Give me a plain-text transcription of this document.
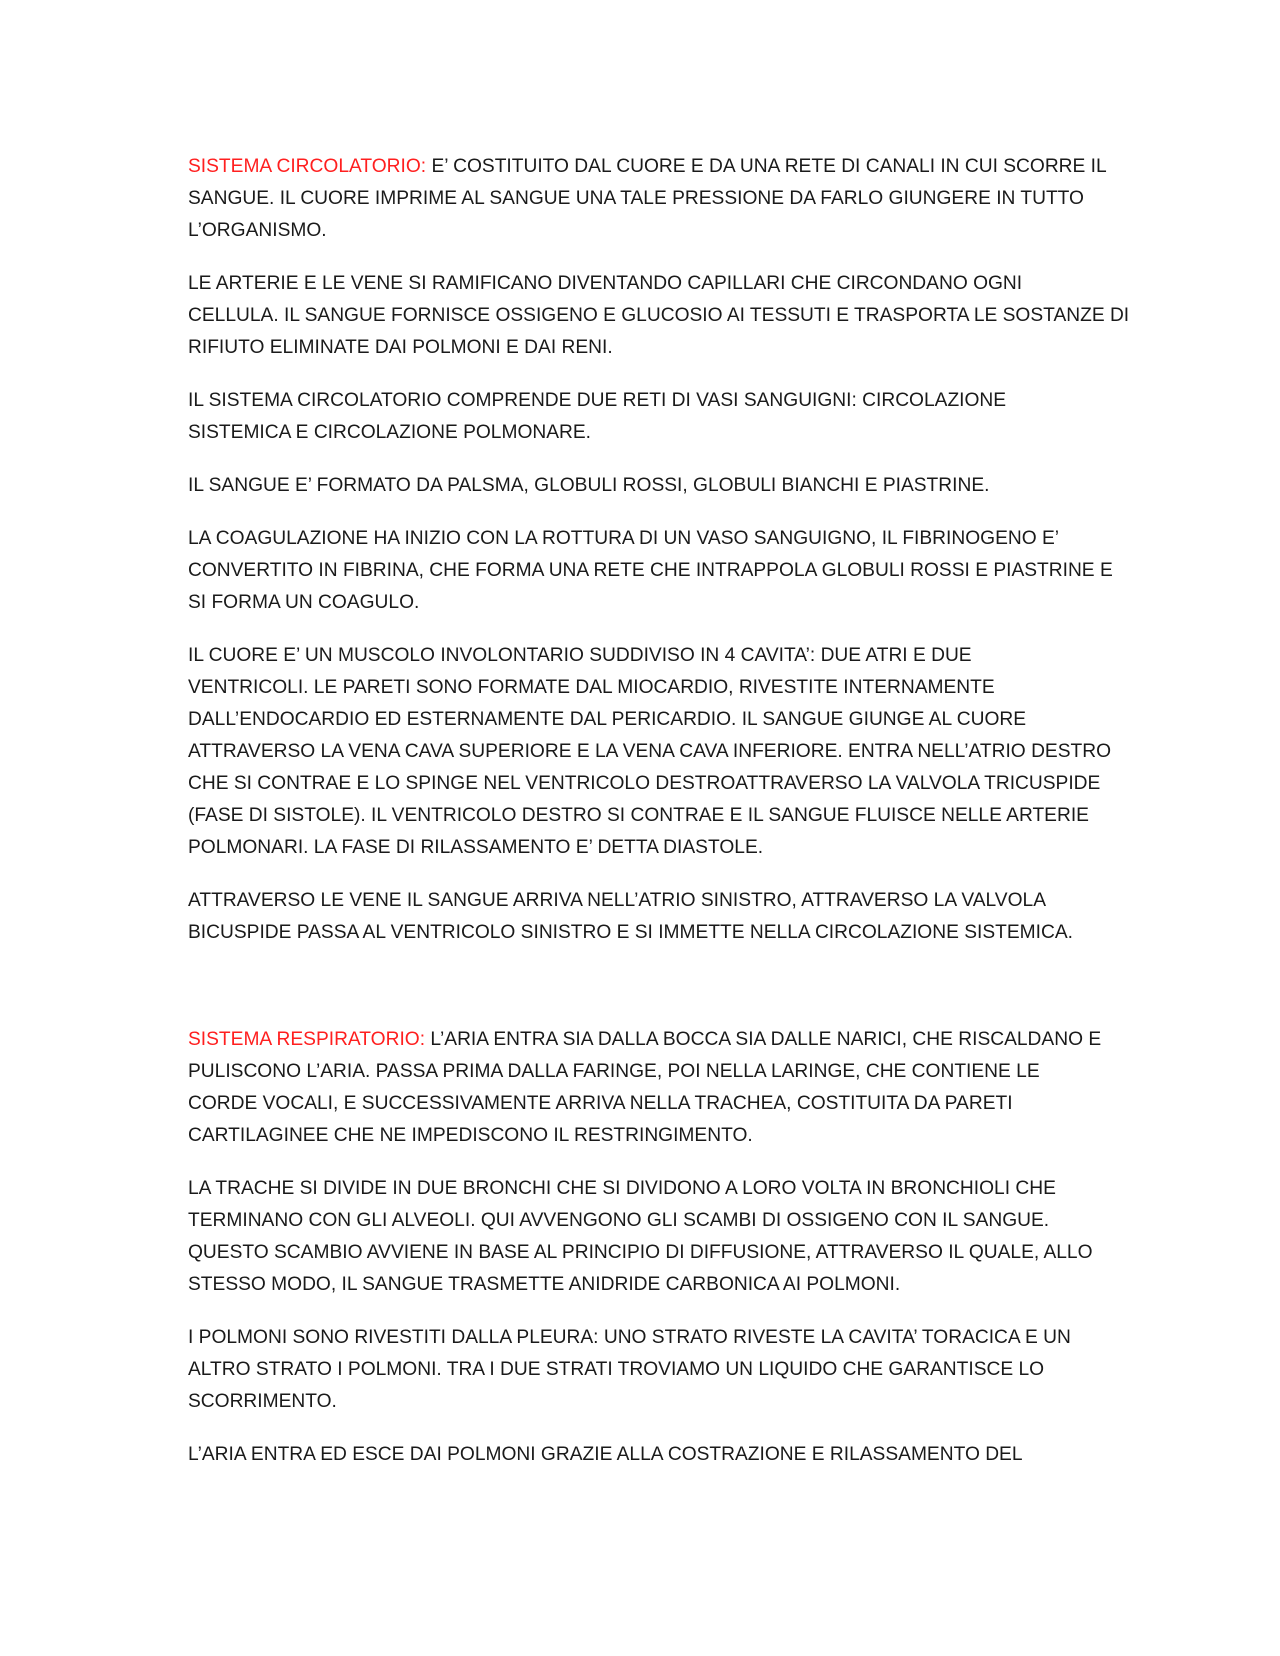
SISTEMA CIRCOLATORIO: E’ COSTITUITO DAL CUORE E DA UNA RETE DI CANALI IN CUI SCORRE IL
SANGUE. IL CUORE IMPRIME AL SANGUE UNA TALE PRESSIONE DA FARLO GIUNGERE IN TUTTO
L’ORGANISMO.

LE ARTERIE E LE VENE SI RAMIFICANO DIVENTANDO CAPILLARI CHE CIRCONDANO OGNI
CELLULA. IL SANGUE FORNISCE OSSIGENO E GLUCOSIO AI TESSUTI E TRASPORTA LE SOSTANZE DI
RIFIUTO ELIMINATE DAI POLMONI E DAI RENI.

IL SISTEMA CIRCOLATORIO COMPRENDE DUE RETI DI VASI SANGUIGNI: CIRCOLAZIONE
SISTEMICA E CIRCOLAZIONE POLMONARE.

IL SANGUE E’ FORMATO DA PALSMA, GLOBULI ROSSI, GLOBULI BIANCHI E PIASTRINE.

LA COAGULAZIONE HA INIZIO CON LA ROTTURA DI UN VASO SANGUIGNO, IL FIBRINOGENO E’
CONVERTITO IN FIBRINA, CHE FORMA UNA RETE CHE INTRAPPOLA GLOBULI ROSSI E PIASTRINE E
SI FORMA UN COAGULO.

IL CUORE E’ UN MUSCOLO INVOLONTARIO SUDDIVISO IN 4 CAVITA’: DUE ATRI E DUE
VENTRICOLI. LE PARETI SONO FORMATE DAL MIOCARDIO, RIVESTITE INTERNAMENTE
DALL’ENDOCARDIO ED ESTERNAMENTE DAL PERICARDIO. IL SANGUE GIUNGE AL CUORE
ATTRAVERSO LA VENA CAVA SUPERIORE E LA VENA CAVA INFERIORE. ENTRA NELL’ATRIO DESTRO
CHE SI CONTRAE E LO SPINGE NEL VENTRICOLO DESTROATTRAVERSO LA VALVOLA TRICUSPIDE
(FASE DI SISTOLE). IL VENTRICOLO DESTRO SI CONTRAE E IL SANGUE FLUISCE NELLE ARTERIE
POLMONARI. LA FASE DI RILASSAMENTO E’ DETTA DIASTOLE.

ATTRAVERSO LE VENE IL SANGUE ARRIVA NELL’ATRIO SINISTRO, ATTRAVERSO LA VALVOLA
BICUSPIDE PASSA AL VENTRICOLO SINISTRO E SI IMMETTE NELLA CIRCOLAZIONE SISTEMICA.

SISTEMA RESPIRATORIO: L’ARIA ENTRA SIA DALLA BOCCA SIA DALLE NARICI, CHE RISCALDANO E
PULISCONO L’ARIA. PASSA PRIMA DALLA FARINGE, POI NELLA LARINGE, CHE CONTIENE LE
CORDE VOCALI, E SUCCESSIVAMENTE ARRIVA NELLA TRACHEA, COSTITUITA DA PARETI
CARTILAGINEE CHE NE IMPEDISCONO IL RESTRINGIMENTO.

LA TRACHE SI DIVIDE IN DUE BRONCHI CHE SI DIVIDONO A LORO VOLTA IN BRONCHIOLI CHE
TERMINANO CON GLI ALVEOLI. QUI AVVENGONO GLI SCAMBI DI OSSIGENO CON IL SANGUE.
QUESTO SCAMBIO AVVIENE IN BASE AL PRINCIPIO DI DIFFUSIONE, ATTRAVERSO IL QUALE, ALLO
STESSO MODO, IL SANGUE TRASMETTE ANIDRIDE CARBONICA AI POLMONI.

I POLMONI SONO RIVESTITI DALLA PLEURA: UNO STRATO RIVESTE LA CAVITA’ TORACICA E UN
ALTRO STRATO I POLMONI. TRA I DUE STRATI TROVIAMO UN LIQUIDO CHE GARANTISCE LO
SCORRIMENTO.

L’ARIA ENTRA ED ESCE DAI POLMONI GRAZIE ALLA COSTRAZIONE E RILASSAMENTO DEL
